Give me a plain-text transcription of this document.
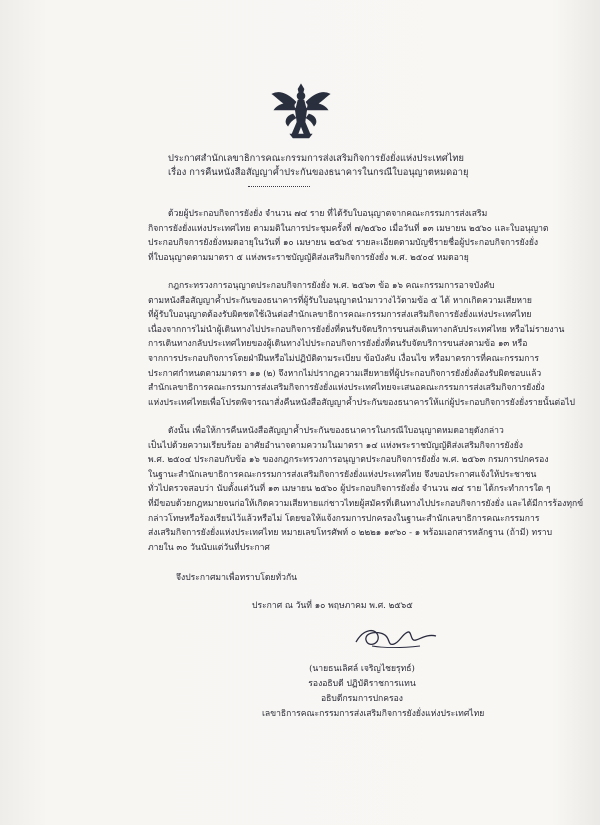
ประกาศสำนักเลขาธิการคณะกรรมการส่งเสริมกิจการยังยั่งแห่งประเทศไทย
เรื่อง การคืนหนังสือสัญญาค้ำประกันของธนาคารในกรณีใบอนุญาตหมดอายุ
ด้วยผู้ประกอบกิจการยังยั่ง จำนวน ๗๔ ราย ที่ได้รับใบอนุญาตจากคณะกรรมการส่งเสริม
กิจการยังยั่งแห่งประเทศไทย ตามมติในการประชุมครั้งที่ ๗/๒๕๖๐ เมื่อวันที่ ๑๓ เมษายน ๒๕๖๐ และใบอนุญาต
ประกอบกิจการยังยั่งหมดอายุในวันที่ ๑๐ เมษายน ๒๕๖๕ รายละเอียดตามบัญชีรายชื่อผู้ประกอบกิจการยังยั่ง
ที่ใบอนุญาตตามมาตรา ๕ แห่งพระราชบัญญัติส่งเสริมกิจการยังยั่ง พ.ศ. ๒๕๐๔ หมดอายุ
กฎกระทรวงการอนุญาตประกอบกิจการยังยั่ง พ.ศ. ๒๕๖๓ ข้อ ๑๖ คณะกรรมการอาจบังคับ
ตามหนังสือสัญญาค้ำประกันของธนาคารที่ผู้รับใบอนุญาตนำมาวางไว้ตามข้อ ๕ ได้ หากเกิดความเสียหาย
ที่ผู้รับใบอนุญาตต้องรับผิดชดใช้เงินต่อสำนักเลขาธิการคณะกรรมการส่งเสริมกิจการยังยั่งแห่งประเทศไทย
เนื่องจากการไม่นำผู้เดินทางไปประกอบกิจการยังยั่งที่ตนรับจัดบริการขนส่งเดินทางกลับประเทศไทย หรือไม่รายงาน
การเดินทางกลับประเทศไทยของผู้เดินทางไปประกอบกิจการยังยั่งที่ตนรับจัดบริการขนส่งตามข้อ ๑๓ หรือ
จากการประกอบกิจการโดยฝ่าฝืนหรือไม่ปฏิบัติตามระเบียบ ข้อบังคับ เงื่อนไข หรือมาตรการที่คณะกรรมการ
ประกาศกำหนดตามมาตรา ๑๑ (๒) จึงหากไม่ปรากฏความเสียหายที่ผู้ประกอบกิจการยังยั่งต้องรับผิดชอบแล้ว
สำนักเลขาธิการคณะกรรมการส่งเสริมกิจการยังยั่งแห่งประเทศไทยจะเสนอคณะกรรมการส่งเสริมกิจการยังยั่ง
แห่งประเทศไทยเพื่อโปรดพิจารณาสั่งคืนหนังสือสัญญาค้ำประกันของธนาคารให้แก่ผู้ประกอบกิจการยังยั่งรายนั้นต่อไป
ดังนั้น เพื่อให้การคืนหนังสือสัญญาค้ำประกันของธนาคารในกรณีใบอนุญาตหมดอายุดังกล่าว
เป็นไปด้วยความเรียบร้อย อาศัยอำนาจตามความในมาตรา ๑๔ แห่งพระราชบัญญัติส่งเสริมกิจการยังยั่ง
พ.ศ. ๒๕๐๔ ประกอบกับข้อ ๑๖ ของกฎกระทรวงการอนุญาตประกอบกิจการยังยั่ง พ.ศ. ๒๕๖๓ กรมการปกครอง
ในฐานะสำนักเลขาธิการคณะกรรมการส่งเสริมกิจการยังยั่งแห่งประเทศไทย จึงขอประกาศแจ้งให้ประชาชน
ทั่วไปตรวจสอบว่า นับตั้งแต่วันที่ ๑๓ เมษายน ๒๕๖๐ ผู้ประกอบกิจการยังยั่ง จำนวน ๗๔ ราย ได้กระทำการใด ๆ
ที่มีขอบด้วยกฎหมายจนก่อให้เกิดความเสียหายแก่ชาวไทยผู้สมัครที่เดินทางไปประกอบกิจการยังยั่ง และได้มีการร้องทุกข์
กล่าวโทษหรือร้องเรียนไว้แล้วหรือไม่ โดยขอให้แจ้งกรมการปกครองในฐานะสำนักเลขาธิการคณะกรรมการ
ส่งเสริมกิจการยังยั่งแห่งประเทศไทย หมายเลขโทรศัพท์ ๐ ๒๒๒๑ ๑๙๖๐ - ๑ พร้อมเอกสารหลักฐาน (ถ้ามี) ทราบ
ภายใน ๓๐ วันนับแต่วันที่ประกาศ
จึงประกาศมาเพื่อทราบโดยทั่วกัน
ประกาศ ณ วันที่ ๑๐ พฤษภาคม พ.ศ. ๒๕๖๕
(นายธนเลิศล์ เจริญไชยรุทธ์)
รองอธิบดี ปฏิบัติราชการแทน
อธิบดีกรมการปกครอง
เลขาธิการคณะกรรมการส่งเสริมกิจการยังยั่งแห่งประเทศไทย
